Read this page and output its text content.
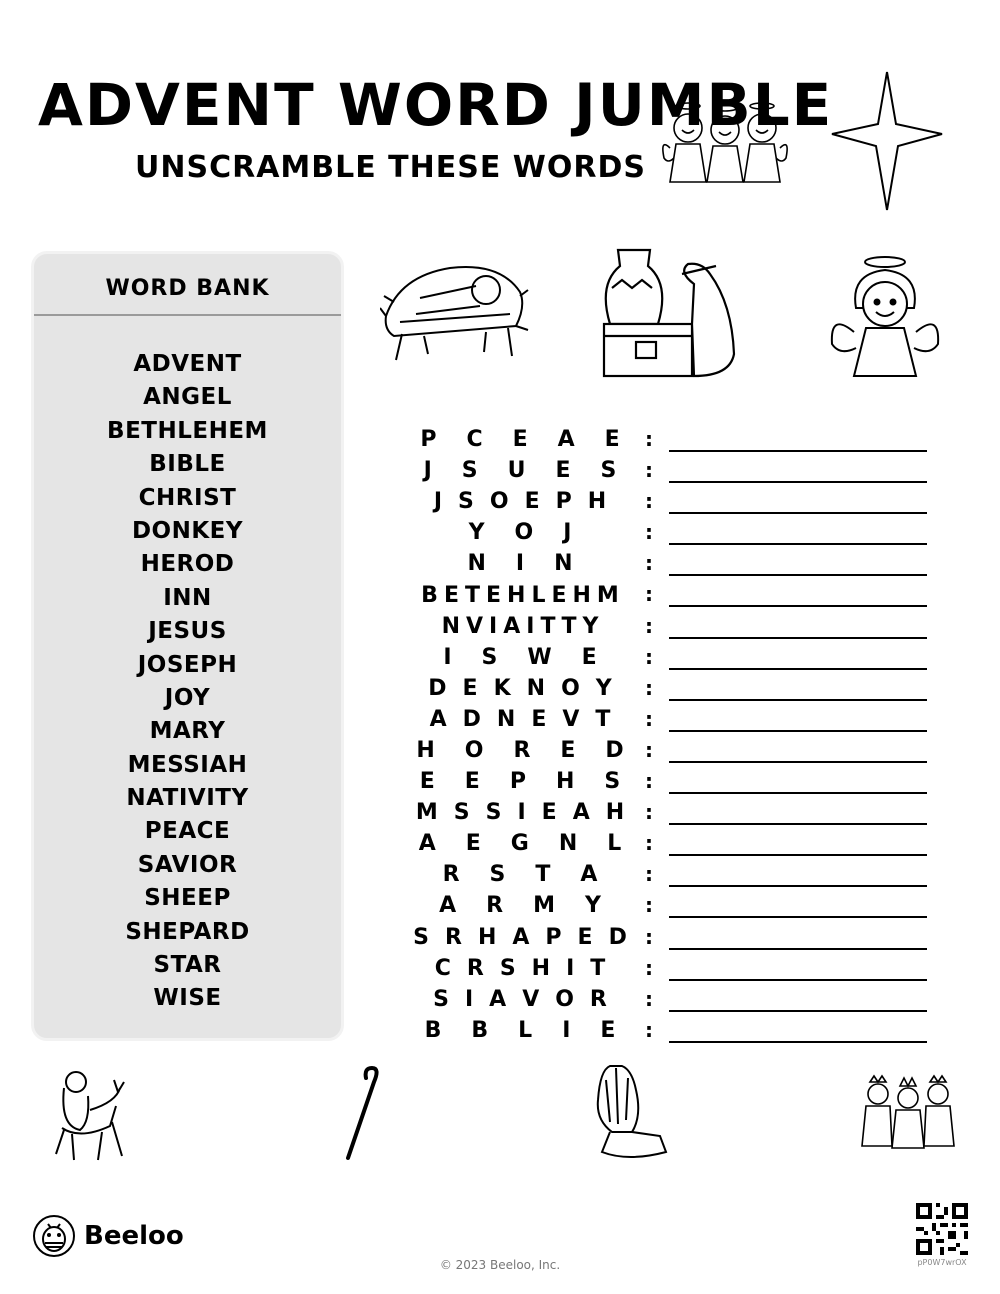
ADVENT WORD JUMBLE
UNSCRAMBLE THESE WORDS
WORD BANK
ADVENT
ANGEL
BETHLEHEM
BIBLE
CHRIST
DONKEY
HEROD
INN
JESUS
JOSEPH
JOY
MARY
MESSIAH
NATIVITY
PEACE
SAVIOR
SHEEP
SHEPARD
STAR
WISE
P C E A E :
J S U E S :
J S O E P H :
Y O J	:
N I N	:
B E T E H L E H M :
N V I A I T T Y :
I S W E :
D E K N O Y :
A D N E V T :
H O R E D :
E E P H S :
M S S I E A H :
A E G N L :
R S T A :
A R M Y :
S R H A P E D :
C R S H I T :
S I A V O R :
B B L I E :
Beeloo
© 2023 Beeloo, Inc.	pP0W7wrOX
